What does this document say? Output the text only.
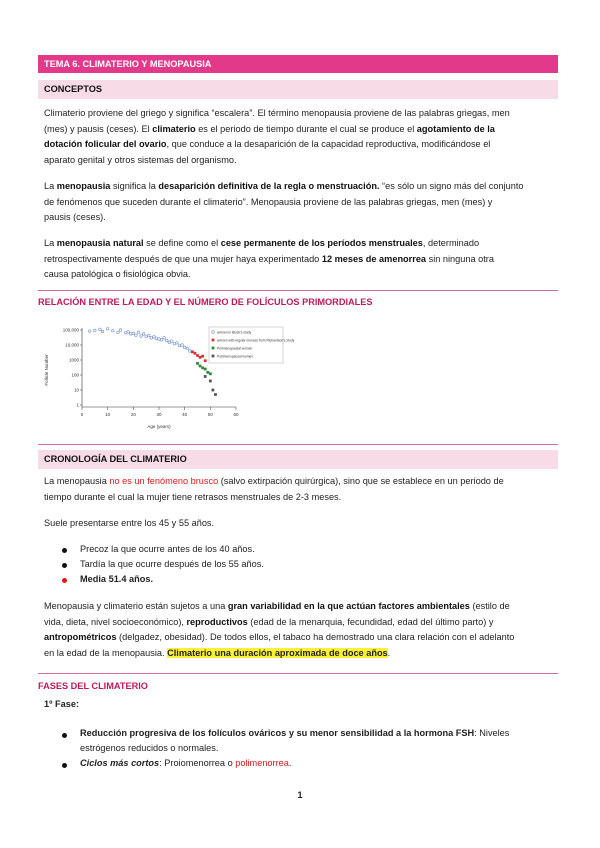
TEMA 6. CLIMATERIO Y MENOPAUSIA
CONCEPTOS
Climaterio proviene del griego y significa “escalera”. El término menopausia proviene de las palabras griegas, men
(mes) y pausis (ceses). El climaterio es el periodo de tiempo durante el cual se produce el agotamiento de la
dotación folicular del ovario, que conduce a la desaparición de la capacidad reproductiva, modificándose el
aparato genital y otros sistemas del organismo.
La menopausia significa la desaparición definitiva de la regla o menstruación. “es sólo un signo más del conjunto
de fenómenos que suceden durante el climaterio”. Menopausia proviene de las palabras griegas, men (mes) y
pausis (ceses).
La menopausia natural se define como el cese permanente de los períodos menstruales, determinado
retrospectivamente después de que una mujer haya experimentado 12 meses de amenorrea sin ninguna otra
causa patológica o fisiológica obvia.
RELACIÓN ENTRE LA EDAD Y EL NÚMERO DE FOLÍCULOS PRIMORDIALES
Follicle Number
Age (years)
100,000
10,000
1000
100
10
1
0	10	20	30	40	50	60
women in Block's study
women with regular menses from Richardson's study
Perimenopausal women
Postmenopausal women
CRONOLOGÍA DEL CLIMATERIO
La menopausia no es un fenómeno brusco (salvo extirpación quirúrgica), sino que se establece en un periodo de
tiempo durante el cual la mujer tiene retrasos menstruales de 2-3 meses.
Suele presentarse entre los 45 y 55 años.
Precoz la que ocurre antes de los 40 años.
Tardía la que ocurre después de los 55 años.
Media 51.4 años.
Menopausia y climaterio están sujetos a una gran variabilidad en la que actúan factores ambientales (estilo de
vida, dieta, nivel socioeconómico), reproductivos (edad de la menarquia, fecundidad, edad del último parto) y
antropométricos (delgadez, obesidad). De todos ellos, el tabaco ha demostrado una clara relación con el adelanto
en la edad de la menopausia. Climaterio una duración aproximada de doce años.
FASES DEL CLIMATERIO
1º Fase:
Reducción progresiva de los folículos ováricos y su menor sensibilidad a la hormona FSH: Niveles
estrógenos reducidos o normales.
Ciclos más cortos: Proiomenorrea o polimenorrea.
1
